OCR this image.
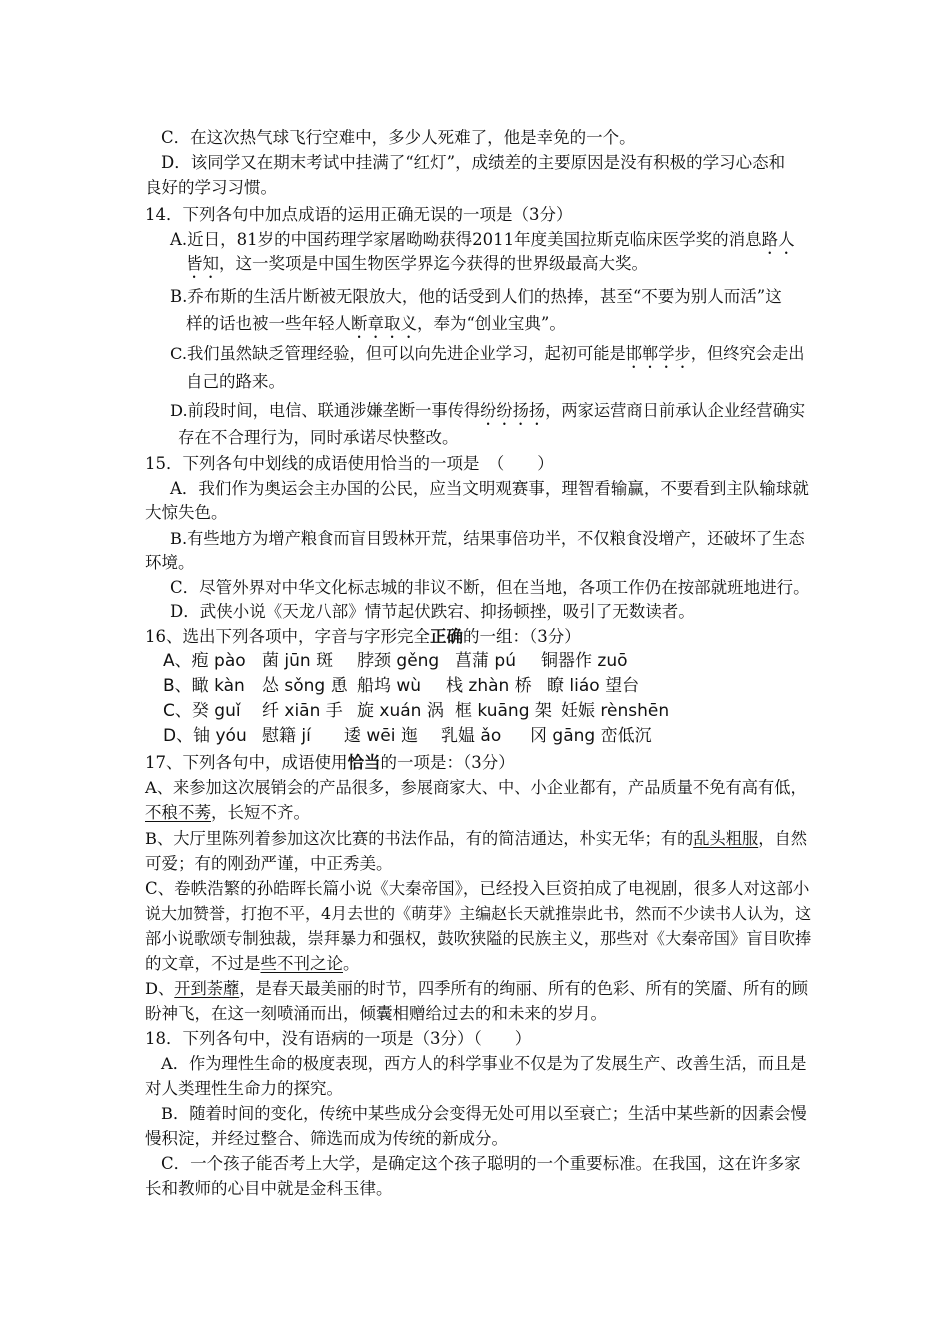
C．在这次热气球飞行空难中，多少人死难了，他是幸免的一个。
D．该同学又在期末考试中挂满了“红灯”，成绩差的主要原因是没有积极的学习心态和
良好的学习习惯。
14．下列各句中加点成语的运用正确无误的一项是（3分）
A.近日，81岁的中国药理学家屠呦呦获得2011年度美国拉斯克临床医学奖的消息路人
皆知，这一奖项是中国生物医学界迄今获得的世界级最高大奖。
B.乔布斯的生活片断被无限放大，他的话受到人们的热捧，甚至“不要为别人而活”这
样的话也被一些年轻人断章取义，奉为“创业宝典”。
C.我们虽然缺乏管理经验，但可以向先进企业学习，起初可能是邯郸学步，但终究会走出
自己的路来。
D.前段时间，电信、联通涉嫌垄断一事传得纷纷扬扬，两家运营商日前承认企业经营确实
存在不合理行为，同时承诺尽快整改。
15．下列各句中划线的成语使用恰当的一项是　（　　）
A．我们作为奥运会主办国的公民，应当文明观赛事，理智看输赢，不要看到主队输球就
大惊失色。
B.有些地方为增产粮食而盲目毁林开荒，结果事倍功半，不仅粮食没增产，还破坏了生态
环境。
C．尽管外界对中华文化标志城的非议不断，但在当地，各项工作仍在按部就班地进行。
D．武侠小说《天龙八部》情节起伏跌宕、抑扬顿挫，吸引了无数读者。
16、选出下列各项中，字音与字形完全正确的一组：（3分）
A、疱 pào 菌 jūn 斑 脖颈 gěng 菖蒲 pú 铜器作 zuō
B、瞰 kàn 怂 sǒng 恿 船坞 wù 栈 zhàn 桥 瞭 liáo 望台
C、癸 guǐ 纤 xiān 手 旋 xuán 涡 框 kuāng 架 妊娠 rènshēn
D、铀 yóu 慰籍 jí 逶 wēi 迤 乳媪 ǎo 冈 gāng 峦低沉
17、下列各句中，成语使用恰当的一项是：（3分）
A、来参加这次展销会的产品很多，参展商家大、中、小企业都有，产品质量不免有高有低，
不稂不莠，长短不齐。
B、大厅里陈列着参加这次比赛的书法作品，有的简洁通达，朴实无华；有的乱头粗服，自然
可爱；有的刚劲严谨，中正秀美。
C、卷帙浩繁的孙皓晖长篇小说《大秦帝国》，已经投入巨资拍成了电视剧，很多人对这部小
说大加赞誉，打抱不平，4月去世的《萌芽》主编赵长天就推崇此书，然而不少读书人认为，这
部小说歌颂专制独裁，崇拜暴力和强权，鼓吹狭隘的民族主义，那些对《大秦帝国》盲目吹捧
的文章，不过是些不刊之论。
D、开到荼蘼，是春天最美丽的时节，四季所有的绚丽、所有的色彩、所有的笑靥、所有的顾
盼神飞，在这一刻喷涌而出，倾囊相赠给过去的和未来的岁月。
18．下列各句中，没有语病的一项是（3分）（　　）
A．作为理性生命的极度表现，西方人的科学事业不仅是为了发展生产、改善生活，而且是
对人类理性生命力的探究。
B．随着时间的变化，传统中某些成分会变得无处可用以至衰亡；生活中某些新的因素会慢
慢积淀，并经过整合、筛选而成为传统的新成分。
C．一个孩子能否考上大学，是确定这个孩子聪明的一个重要标准。在我国，这在许多家
长和教师的心目中就是金科玉律。
